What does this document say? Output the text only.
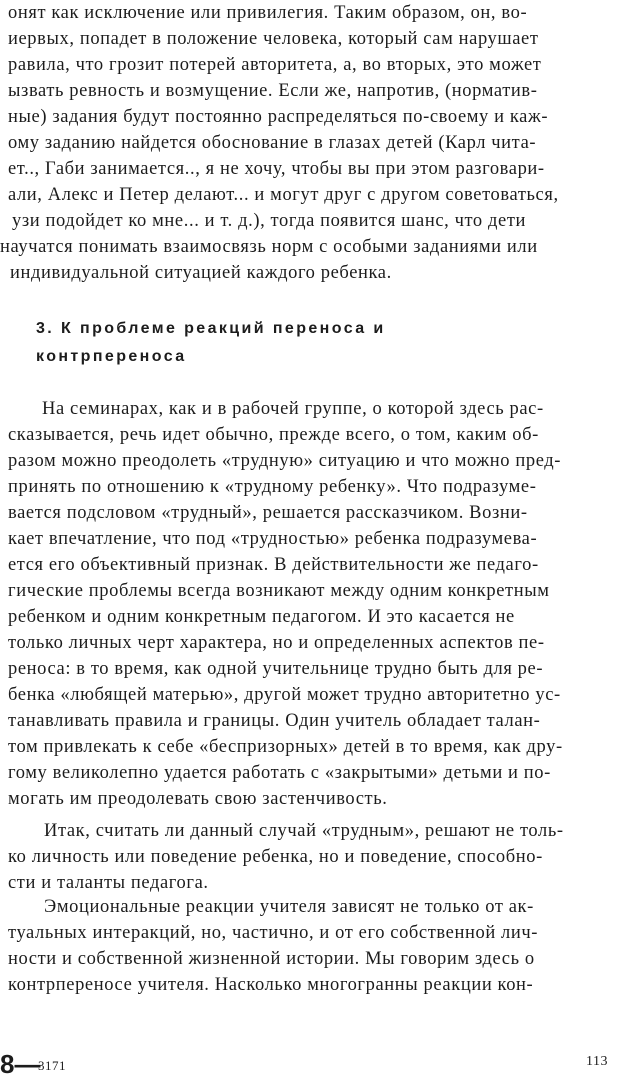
онят как исключение или привилегия. Таким образом, он, во-
иервых, попадет в положение человека, который сам нарушает
равила, что грозит потерей авторитета, а, во вторых, это может
ызвать ревность и возмущение. Если же, напротив, (норматив-
ные) задания будут постоянно распределяться по-своему и каж-
ому заданию найдется обоснование в глазах детей (Карл чита-
ет.., Габи занимается.., я не хочу, чтобы вы при этом разговари-
али, Алекс и Петер делают... и могут друг с другом советоваться,
узи подойдет ко мне... и т. д.), тогда появится шанс, что дети
научатся понимать взаимосвязь норм с особыми заданиями или
индивидуальной ситуацией каждого ребенка.
3. К проблеме реакций переноса и
контрпереноса
На семинарах, как и в рабочей группе, о которой здесь рас-
сказывается, речь идет обычно, прежде всего, о том, каким об-
разом можно преодолеть «трудную» ситуацию и что можно пред-
принять по отношению к «трудному ребенку». Что подразуме-
вается подсловом «трудный», решается рассказчиком. Возни-
кает впечатление, что под «трудностью» ребенка подразумева-
ется его объективный признак. В действительности же педаго-
гические проблемы всегда возникают между одним конкретным
ребенком и одним конкретным педагогом. И это касается не
только личных черт характера, но и определенных аспектов пе-
реноса: в то время, как одной учительнице трудно быть для ре-
бенка «любящей матерью», другой может трудно авторитетно ус-
танавливать правила и границы. Один учитель обладает талан-
том привлекать к себе «беспризорных» детей в то время, как дру-
гому великолепно удается работать с «закрытыми» детьми и по-
могать им преодолевать свою застенчивость.
Итак, считать ли данный случай «трудным», решают не толь-
ко личность или поведение ребенка, но и поведение, способно-
сти и таланты педагога.
Эмоциональные реакции учителя зависят не только от ак-
туальных интеракций, но, частично, и от его собственной лич-
ности и собственной жизненной истории. Мы говорим здесь о
контрпереносе учителя. Насколько многогранны реакции кон-
8—
3171	113
